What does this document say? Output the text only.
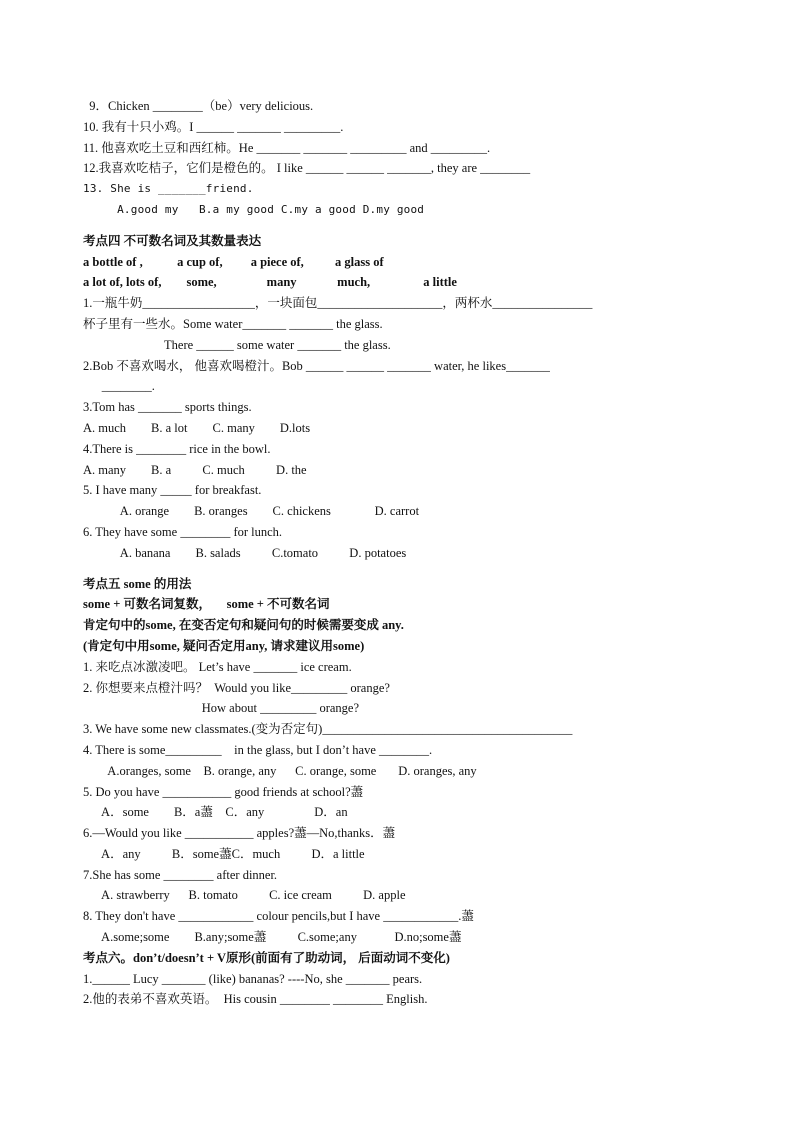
9．Chicken ________（be）very delicious.
10. 我有十只小鸡。I ______ _______ _________.
11. 他喜欢吃土豆和西红柿。He _______ _______ _________ and _________.
12.我喜欢吃桔子，它们是橙色的。 I like ______ ______ _______, they are ________
13. She is _______friend.
A.good my   B.a my good C.my a good D.my good
考点四 不可数名词及其数量表达
a bottle of ,           a cup of,         a piece of,          a glass of
a lot of, lots of,        some,                many             much,                 a little
1.一瓶牛奶__________________，一块面包____________________，两杯水________________
杯子里有一些水。Some water_______ _______ the glass.
There ______ some water _______ the glass.
2.Bob 不喜欢喝水， 他喜欢喝橙汁。Bob ______ ______ _______ water, he likes_______
________.
3.Tom has _______ sports things.
A. much        B. a lot        C. many        D.lots
4.There is ________ rice in the bowl.
A. many        B. a          C. much          D. the
5. I have many _____ for breakfast.
A. orange        B. oranges        C. chickens              D. carrot
6. They have some ________ for lunch.
A. banana        B. salads          C.tomato          D. potatoes
考点五 some 的用法
some + 可数名词复数，     some + 不可数名词
肯定句中的some, 在变否定句和疑问句的时候需要变成 any.
(肯定句中用some, 疑问否定用any, 请求建议用some)
1. 来吃点冰激凌吧。 Let’s have _______ ice cream.
2. 你想要来点橙汁吗？  Would you like_________ orange?
How about _________ orange?
3. We have some new classmates.(变为否定句)________________________________________
4. There is some_________    in the glass, but I don’t have ________.
A.oranges, some    B. orange, any      C. orange, some       D. oranges, any
5. Do you have ___________ good friends at school?藎
A．some        B．a藎    C．any                D．an
6.—Would you like ___________ apples?藎—No,thanks．藎
A．any          B．some藎C．much          D．a little
7.She has some ________ after dinner.
A. strawberry      B. tomato          C. ice cream          D. apple
8. They don't have ____________ colour pencils,but I have ____________.藎
A.some;some        B.any;some藎          C.some;any            D.no;some藎
考点六。don’t/doesn’t + V原形(前面有了助动词， 后面动词不变化)
1.______ Lucy _______ (like) bananas? ----No, she _______ pears.
2.他的表弟不喜欢英语。  His cousin ________ ________ English.
